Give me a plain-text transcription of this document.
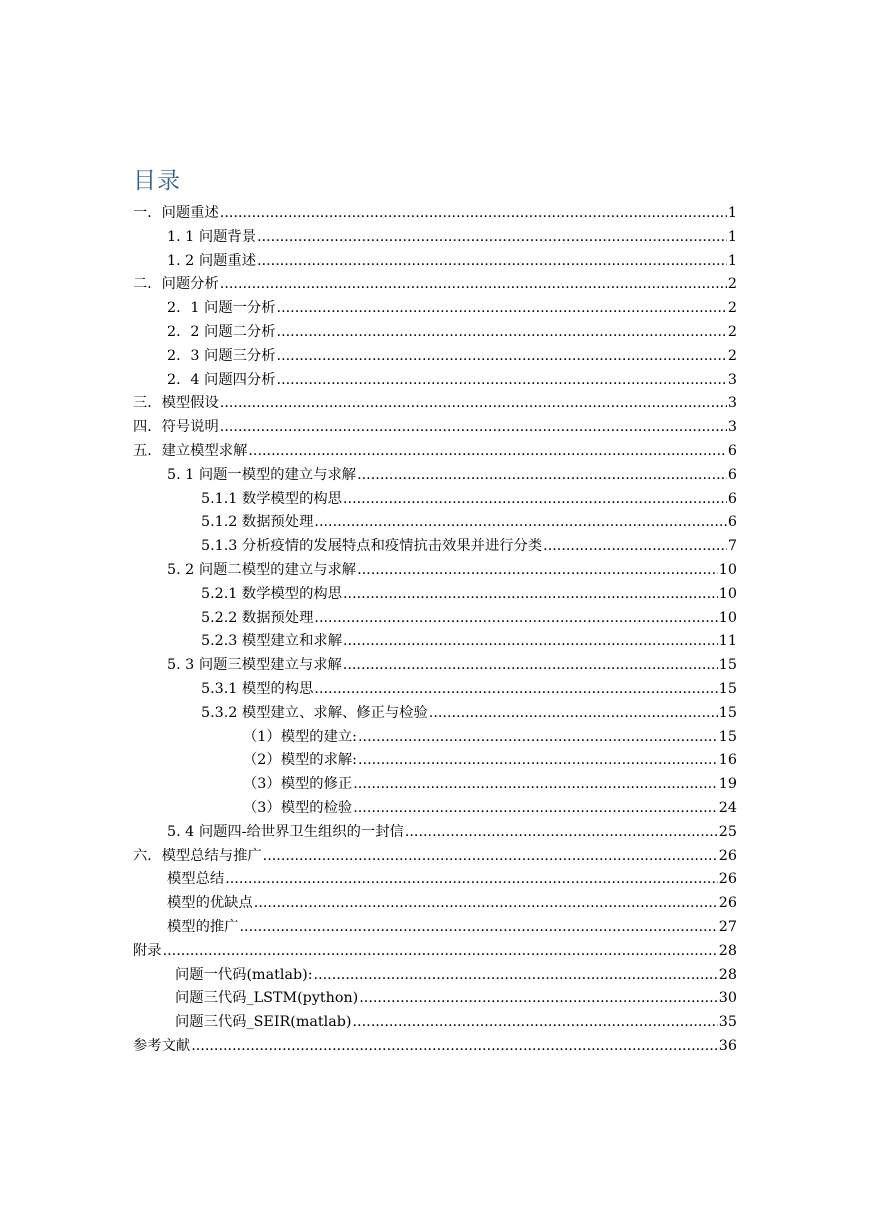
目录
一．问题重述 .....	1
1. 1 问题背景 .....	1
1. 2 问题重述 .....	1
二．问题分析 .....	2
2．1 问题一分析 .....	2
2．2 问题二分析 .....	2
2．3 问题三分析 .....	2
2．4 问题四分析 .....	3
三．模型假设 .....	3
四．符号说明 .....	3
五．建立模型求解 .....	6
5. 1 问题一模型的建立与求解 .....	6
5.1.1 数学模型的构思 .....	6
5.1.2 数据预处理 .....	6
5.1.3 分析疫情的发展特点和疫情抗击效果并进行分类 .....	7
5. 2 问题二模型的建立与求解 .....	10
5.2.1 数学模型的构思 .....	10
5.2.2 数据预处理 .....	10
5.2.3 模型建立和求解 .....	11
5. 3 问题三模型建立与求解 .....	15
5.3.1 模型的构思 .....	15
5.3.2 模型建立、求解、修正与检验 .....	15
（1）模型的建立: .....	15
（2）模型的求解: .....	16
（3）模型的修正 .....	19
（3）模型的检验 .....	24
5. 4 问题四-给世界卫生组织的一封信 .....	25
六．模型总结与推广 .....	26
模型总结 .....	26
模型的优缺点 .....	26
模型的推广 .....	27
附录 .....	28
问题一代码(matlab): .....	28
问题三代码_LSTM(python) .....	30
问题三代码_SEIR(matlab) .....	35
参考文献 .....	36
